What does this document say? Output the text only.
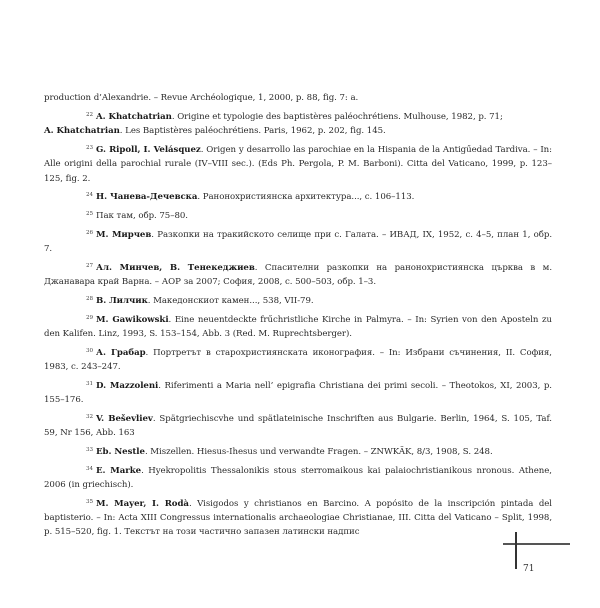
production d’Alexandrie. – Revue Archéologique, 1, 2000, p. 88, fig. 7: a.

$^{22}$ A. Khatchatrian. Origine et typologie des baptistères paléochrétiens. Mulhouse, 1982, p. 71;
A. Khatchatrian. Les Baptistères paléochrétiens. Paris, 1962, p. 202, fig. 145.

$^{23}$ G. Ripoll, I. Velásquez. Origen y desarrollo las parochiae en la Hispania de la Antigűedad Tardiva. – In: Alle origini della parochial rurale (IV–VIII sec.). (Eds Ph. Pergola, P. M. Barboni). Citta del Vaticano, 1999, p. 123–125, fig. 2.

$^{24}$ Н. Чанева-Дечевска. Ранонохристиянска архитектура..., с. 106–113.

$^{25}$ Пак там, обр. 75–80.

$^{26}$ М. Мирчев. Разкопки на тракийското селище при с. Галата. – ИВАД, IX, 1952, с. 4–5, план 1, обр. 7.

$^{27}$ Ал. Минчев, В. Тенекеджиев. Спасителни разкопки на ранонохристиянска църква в м. Джанавара край Варна. – АОР за 2007; София, 2008, с. 500–503, обр. 1–3.

$^{28}$ В. Лилчик. Македонскиот камен..., 538, VII-79.

$^{29}$ M. Gawikowski. Eine neuentdeckte frűchristliche Kirche in Palmyra. – In: Syrien von den Aposteln zu den Kalifen. Linz, 1993, S. 153–154, Abb. 3 (Red. M. Ruprechtsberger).

$^{30}$ А. Грабар. Портретът в старохристиянската иконография. – In: Избрани съчинения, II. София, 1983, с. 243–247.

$^{31}$ D. Mazzoleni. Riferimenti a Maria nell’ epigrafia Christiana dei primi secoli. – Theotokos, XI, 2003, p. 155–176.

$^{32}$ V. Beševliev. Spätgriechiscvhe und spätlateinische Inschriften aus Bulgarie. Berlin, 1964, S. 105, Taf. 59, Nr 156, Abb. 163

$^{33}$ Eb. Nestle. Miszellen. Hiesus-Ihesus und verwandte Fragen. – ZNWKÄK, 8/3, 1908, S. 248.

$^{34}$ E. Marke. Hyekropolitis Thessalonikis stous sterromaikous kai palaiochristianikous nronous. Athene, 2006 (in griechisch).

$^{35}$ M. Mayer, I. Rodà. Visigodos y christianos en Barcino. A popósito de la inscripción pintada del baptisterio. – In: Acta XIII Congressus internationalis archaeologiae Christianae, III. Citta del Vaticano – Split, 1998, p. 515–520, fig. 1. Текстът на този частично запазен латински надпис

71
